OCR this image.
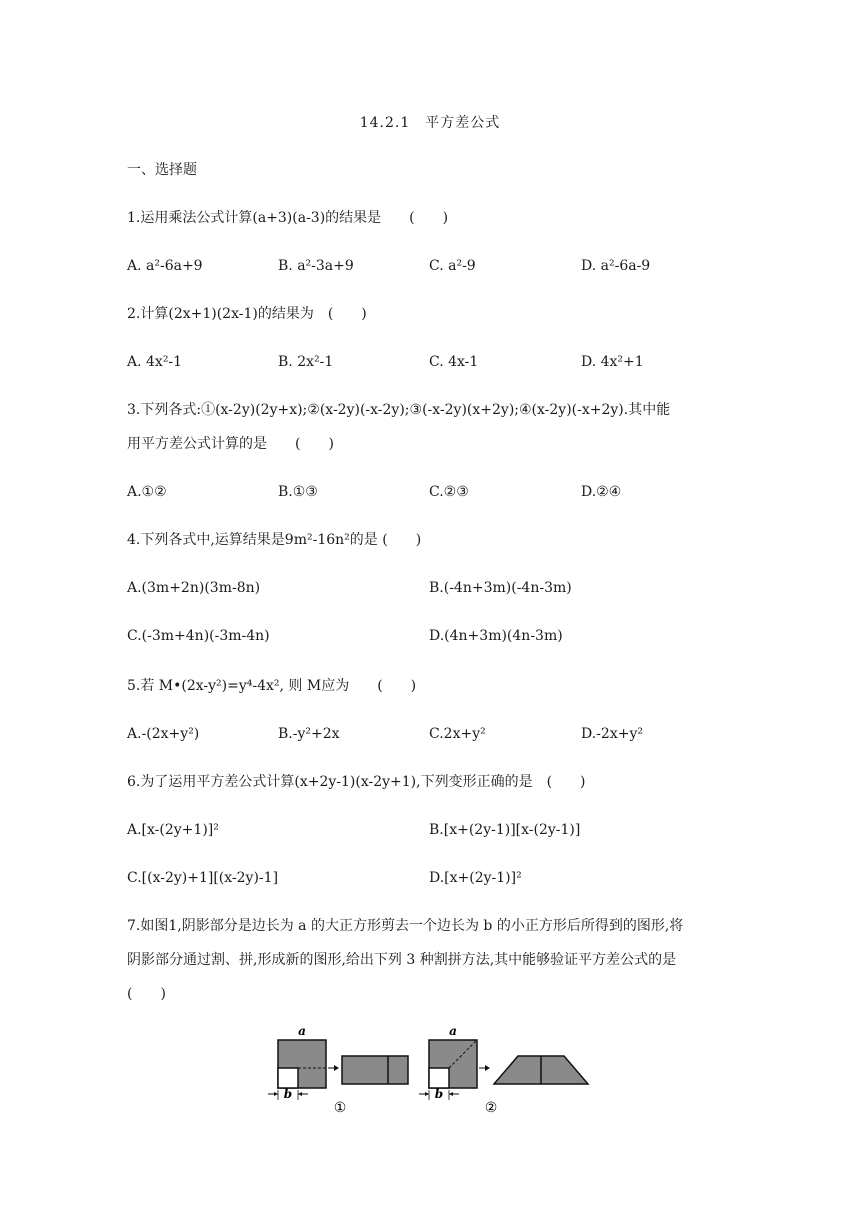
14.2.1　平方差公式
一、选择题
1.运用乘法公式计算(a+3)(a-3)的结果是　　(　　)
A. a²-6a+9	B. a²-3a+9	C. a²-9	D. a²-6a-9
2.计算(2x+1)(2x-1)的结果为　(　　)
A. 4x²-1	B. 2x²-1	C. 4x-1	D. 4x²+1
3.下列各式:①(x-2y)(2y+x);②(x-2y)(-x-2y);③(-x-2y)(x+2y);④(x-2y)(-x+2y).其中能
用平方差公式计算的是　　(　　)
A.①②	B.①③	C.②③	D.②④
4.下列各式中,运算结果是9m²-16n²的是 (　　)
A.(3m+2n)(3m-8n)	B.(-4n+3m)(-4n-3m)
C.(-3m+4n)(-3m-4n)	D.(4n+3m)(4n-3m)
5.若 M•(2x-y²)=y⁴-4x², 则 M应为　　(　　)
A.-(2x+y²)	B.-y²+2x	C.2x+y²	D.-2x+y²
6.为了运用平方差公式计算(x+2y-1)(x-2y+1),下列变形正确的是　(　　)
A.[x-(2y+1)]²	B.[x+(2y-1)][x-(2y-1)]
C.[(x-2y)+1][(x-2y)-1]	D.[x+(2y-1)]²
7.如图1,阴影部分是边长为 a 的大正方形剪去一个边长为 b 的小正方形后所得到的图形,将
阴影部分通过割、拼,形成新的图形,给出下列 3 种割拼方法,其中能够验证平方差公式的是
(　　)
a
b
①
a
b
②
